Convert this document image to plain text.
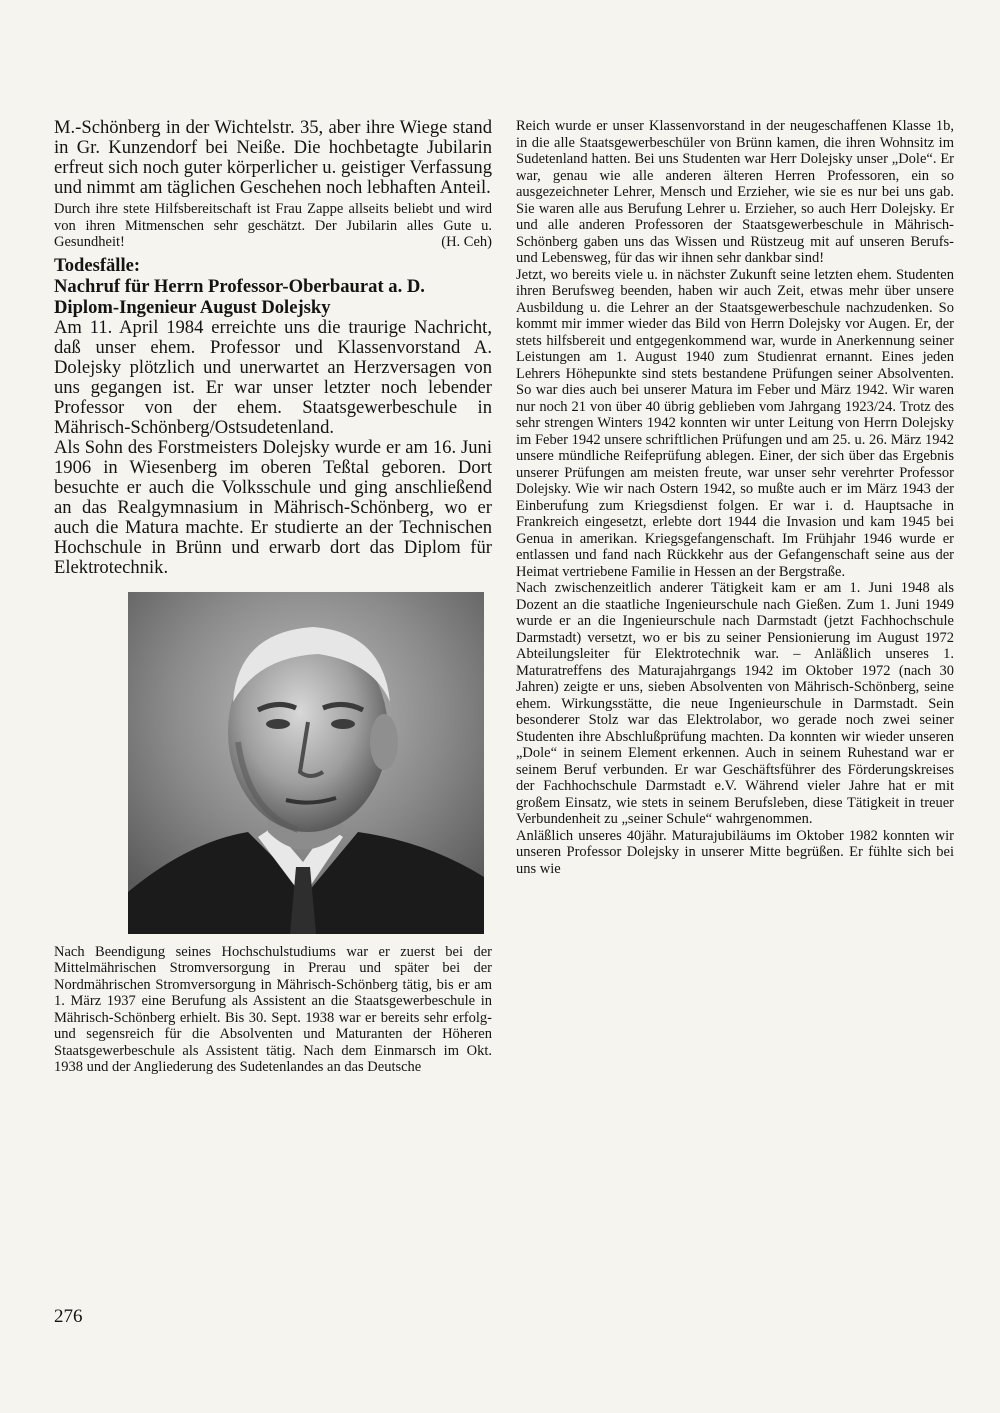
M.-Schönberg in der Wichtelstr. 35, aber ihre Wiege stand in Gr. Kunzendorf bei Neiße. Die hochbetagte Jubilarin erfreut sich noch guter körperlicher u. geistiger Verfassung und nimmt am täglichen Geschehen noch lebhaften Anteil.

Durch ihre stete Hilfsbereitschaft ist Frau Zappe allseits beliebt und wird von ihren Mitmenschen sehr geschätzt. Der Jubilarin alles Gute u. Gesundheit!	(H. Ceh)

Todesfälle:
Nachruf für Herrn Professor-Oberbaurat a. D. Diplom-Ingenieur August Dolejsky

Am 11. April 1984 erreichte uns die traurige Nachricht, daß unser ehem. Professor und Klassenvorstand A. Dolejsky plötzlich und unerwartet an Herzversagen von uns gegangen ist. Er war unser letzter noch lebender Professor von der ehem. Staatsgewerbeschule in Mährisch-Schönberg/Ostsudetenland.

Als Sohn des Forstmeisters Dolejsky wurde er am 16. Juni 1906 in Wiesenberg im oberen Teßtal geboren. Dort besuchte er auch die Volksschule und ging anschließend an das Realgymnasium in Mährisch-Schönberg, wo er auch die Matura machte. Er studierte an der Technischen Hochschule in Brünn und erwarb dort das Diplom für Elektrotechnik.

Nach Beendigung seines Hochschulstudiums war er zuerst bei der Mittelmährischen Stromversorgung in Prerau und später bei der Nordmährischen Stromversorgung in Mährisch-Schönberg tätig, bis er am 1. März 1937 eine Berufung als Assistent an die Staatsgewerbeschule in Mährisch-Schönberg erhielt. Bis 30. Sept. 1938 war er bereits sehr erfolg- und segensreich für die Absolventen und Maturanten der Höheren Staatsgewerbeschule als Assistent tätig. Nach dem Einmarsch im Okt. 1938 und der Angliederung des Sudetenlandes an das Deutsche

Reich wurde er unser Klassenvorstand in der neugeschaffenen Klasse 1b, in die alle Staatsgewerbeschüler von Brünn kamen, die ihren Wohnsitz im Sudetenland hatten. Bei uns Studenten war Herr Dolejsky unser „Dole“. Er war, genau wie alle anderen älteren Herren Professoren, ein so ausgezeichneter Lehrer, Mensch und Erzieher, wie sie es nur bei uns gab. Sie waren alle aus Berufung Lehrer u. Erzieher, so auch Herr Dolejsky. Er und alle anderen Professoren der Staatsgewerbeschule in Mährisch-Schönberg gaben uns das Wissen und Rüstzeug mit auf unseren Berufs- und Lebensweg, für das wir ihnen sehr dankbar sind!

Jetzt, wo bereits viele u. in nächster Zukunft seine letzten ehem. Studenten ihren Berufsweg beenden, haben wir auch Zeit, etwas mehr über unsere Ausbildung u. die Lehrer an der Staatsgewerbeschule nachzudenken. So kommt mir immer wieder das Bild von Herrn Dolejsky vor Augen. Er, der stets hilfsbereit und entgegenkommend war, wurde in Anerkennung seiner Leistungen am 1. August 1940 zum Studienrat ernannt. Eines jeden Lehrers Höhepunkte sind stets bestandene Prüfungen seiner Absolventen. So war dies auch bei unserer Matura im Feber und März 1942. Wir waren nur noch 21 von über 40 übrig geblieben vom Jahrgang 1923/24. Trotz des sehr strengen Winters 1942 konnten wir unter Leitung von Herrn Dolejsky im Feber 1942 unsere schriftlichen Prüfungen und am 25. u. 26. März 1942 unsere mündliche Reifeprüfung ablegen. Einer, der sich über das Ergebnis unserer Prüfungen am meisten freute, war unser sehr verehrter Professor Dolejsky. Wie wir nach Ostern 1942, so mußte auch er im März 1943 der Einberufung zum Kriegsdienst folgen. Er war i. d. Hauptsache in Frankreich eingesetzt, erlebte dort 1944 die Invasion und kam 1945 bei Genua in amerikan. Kriegsgefangenschaft. Im Frühjahr 1946 wurde er entlassen und fand nach Rückkehr aus der Gefangenschaft seine aus der Heimat vertriebene Familie in Hessen an der Bergstraße.

Nach zwischenzeitlich anderer Tätigkeit kam er am 1. Juni 1948 als Dozent an die staatliche Ingenieurschule nach Gießen. Zum 1. Juni 1949 wurde er an die Ingenieurschule nach Darmstadt (jetzt Fachhochschule Darmstadt) versetzt, wo er bis zu seiner Pensionierung im August 1972 Abteilungsleiter für Elektrotechnik war. – Anläßlich unseres 1. Maturatreffens des Maturajahrgangs 1942 im Oktober 1972 (nach 30 Jahren) zeigte er uns, sieben Absolventen von Mährisch-Schönberg, seine ehem. Wirkungsstätte, die neue Ingenieurschule in Darmstadt. Sein besonderer Stolz war das Elektrolabor, wo gerade noch zwei seiner Studenten ihre Abschlußprüfung machten. Da konnten wir wieder unseren „Dole“ in seinem Element erkennen. Auch in seinem Ruhestand war er seinem Beruf verbunden. Er war Geschäftsführer des Förderungskreises der Fachhochschule Darmstadt e.V. Während vieler Jahre hat er mit großem Einsatz, wie stets in seinem Berufsleben, diese Tätigkeit in treuer Verbundenheit zu „seiner Schule“ wahrgenommen.

Anläßlich unseres 40jähr. Maturajubiläums im Oktober 1982 konnten wir unseren Professor Dolejsky in unserer Mitte begrüßen. Er fühlte sich bei uns wie

276
